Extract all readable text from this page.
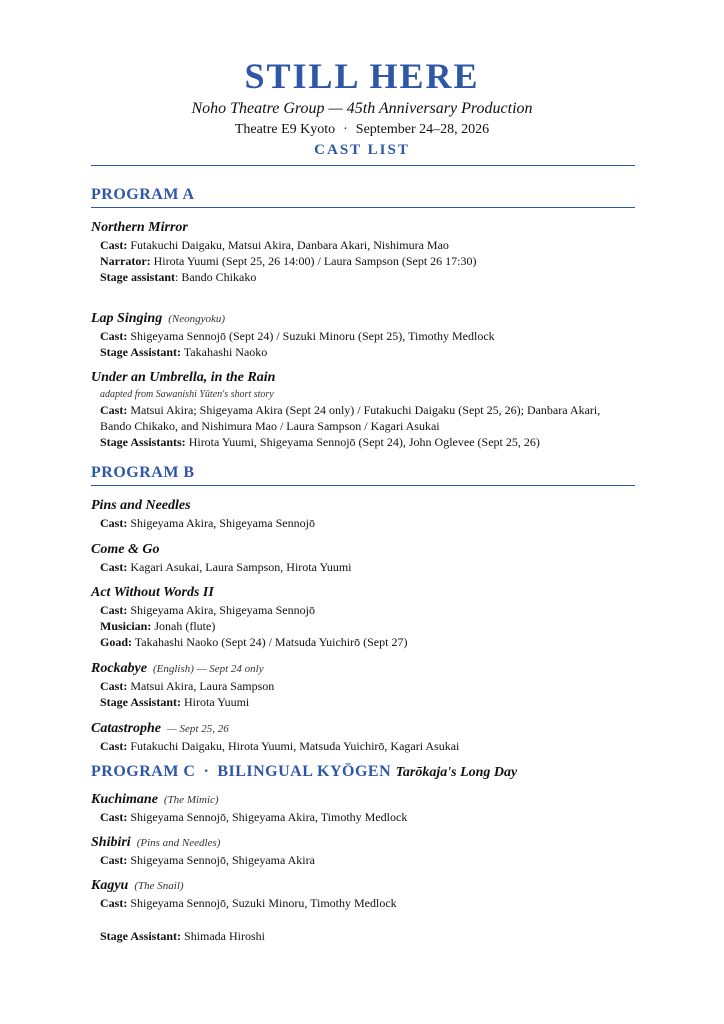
STILL HERE
Noho Theatre Group — 45th Anniversary Production
Theatre E9 Kyoto · September 24–28, 2026
CAST LIST
PROGRAM A
Northern Mirror
Cast: Futakuchi Daigaku, Matsui Akira, Danbara Akari, Nishimura Mao
Narrator: Hirota Yuumi (Sept 25, 26 14:00) / Laura Sampson (Sept 26 17:30)
Stage assistant: Bando Chikako
Lap Singing (Neongyoku)
Cast: Shigeyama Sennojō (Sept 24) / Suzuki Minoru (Sept 25), Timothy Medlock
Stage Assistant: Takahashi Naoko
Under an Umbrella, in the Rain
adapted from Sawanishi Yūten's short story
Cast: Matsui Akira; Shigeyama Akira (Sept 24 only) / Futakuchi Daigaku (Sept 25, 26); Danbara Akari, Bando Chikako, and Nishimura Mao / Laura Sampson / Kagari Asukai
Stage Assistants: Hirota Yuumi, Shigeyama Sennojō (Sept 24), John Oglevee (Sept 25, 26)
PROGRAM B
Pins and Needles
Cast: Shigeyama Akira, Shigeyama Sennojō
Come & Go
Cast: Kagari Asukai, Laura Sampson, Hirota Yuumi
Act Without Words II
Cast: Shigeyama Akira, Shigeyama Sennojō
Musician: Jonah (flute)
Goad: Takahashi Naoko (Sept 24) / Matsuda Yuichirō (Sept 27)
Rockabye (English) — Sept 24 only
Cast: Matsui Akira, Laura Sampson
Stage Assistant: Hirota Yuumi
Catastrophe — Sept 25, 26
Cast: Futakuchi Daigaku, Hirota Yuumi, Matsuda Yuichirō, Kagari Asukai
PROGRAM C · BILINGUAL KYŌGEN Tarōkaja's Long Day
Kuchimane (The Mimic)
Cast: Shigeyama Sennojō, Shigeyama Akira, Timothy Medlock
Shibiri (Pins and Needles)
Cast: Shigeyama Sennojō, Shigeyama Akira
Kagyu (The Snail)
Cast: Shigeyama Sennojō, Suzuki Minoru, Timothy Medlock
Stage Assistant: Shimada Hiroshi
